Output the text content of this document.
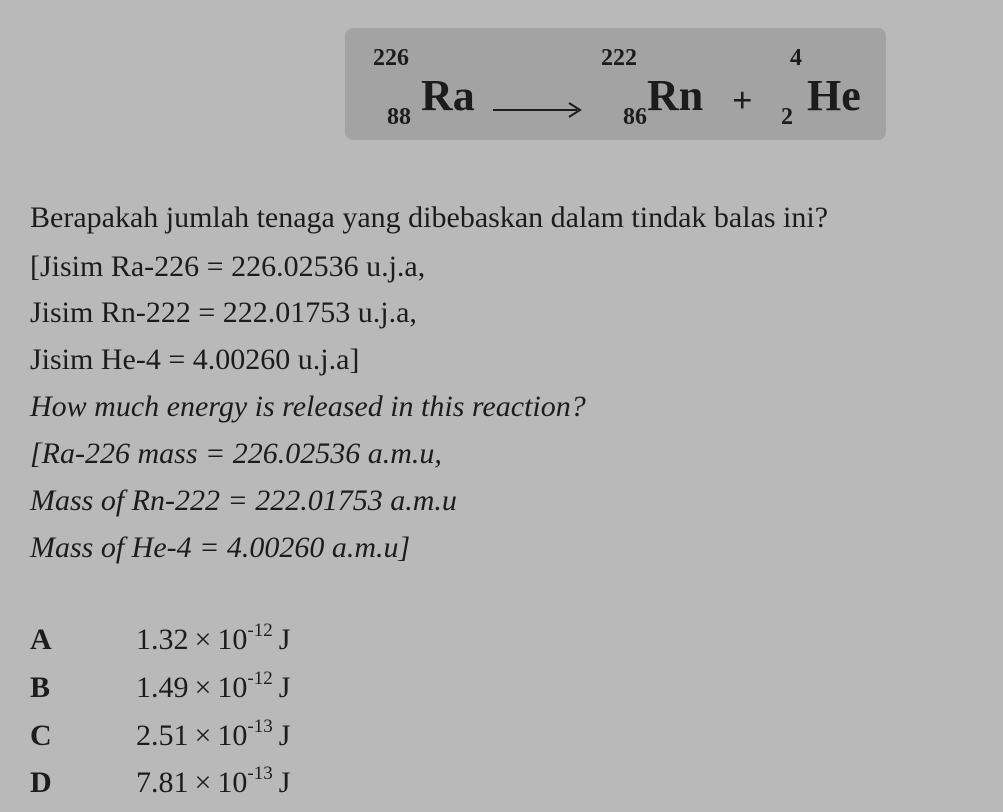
226
88 Ra
222
86 Rn +
4
2 He
Berapakah jumlah tenaga yang dibebaskan dalam tindak balas ini?
[Jisim Ra-226 = 226.02536 u.j.a,
Jisim Rn-222 = 222.01753 u.j.a,
Jisim He-4 = 4.00260 u.j.a]
How much energy is released in this reaction?
[Ra-226 mass = 226.02536 a.m.u,
Mass of Rn-222 = 222.01753 a.m.u
Mass of He-4 = 4.00260 a.m.u]
A	$1.32 \times 10^{-12}$ J
B	$1.49 \times 10^{-12}$ J
C	$2.51 \times 10^{-13}$ J
D	$7.81 \times 10^{-13}$ J
